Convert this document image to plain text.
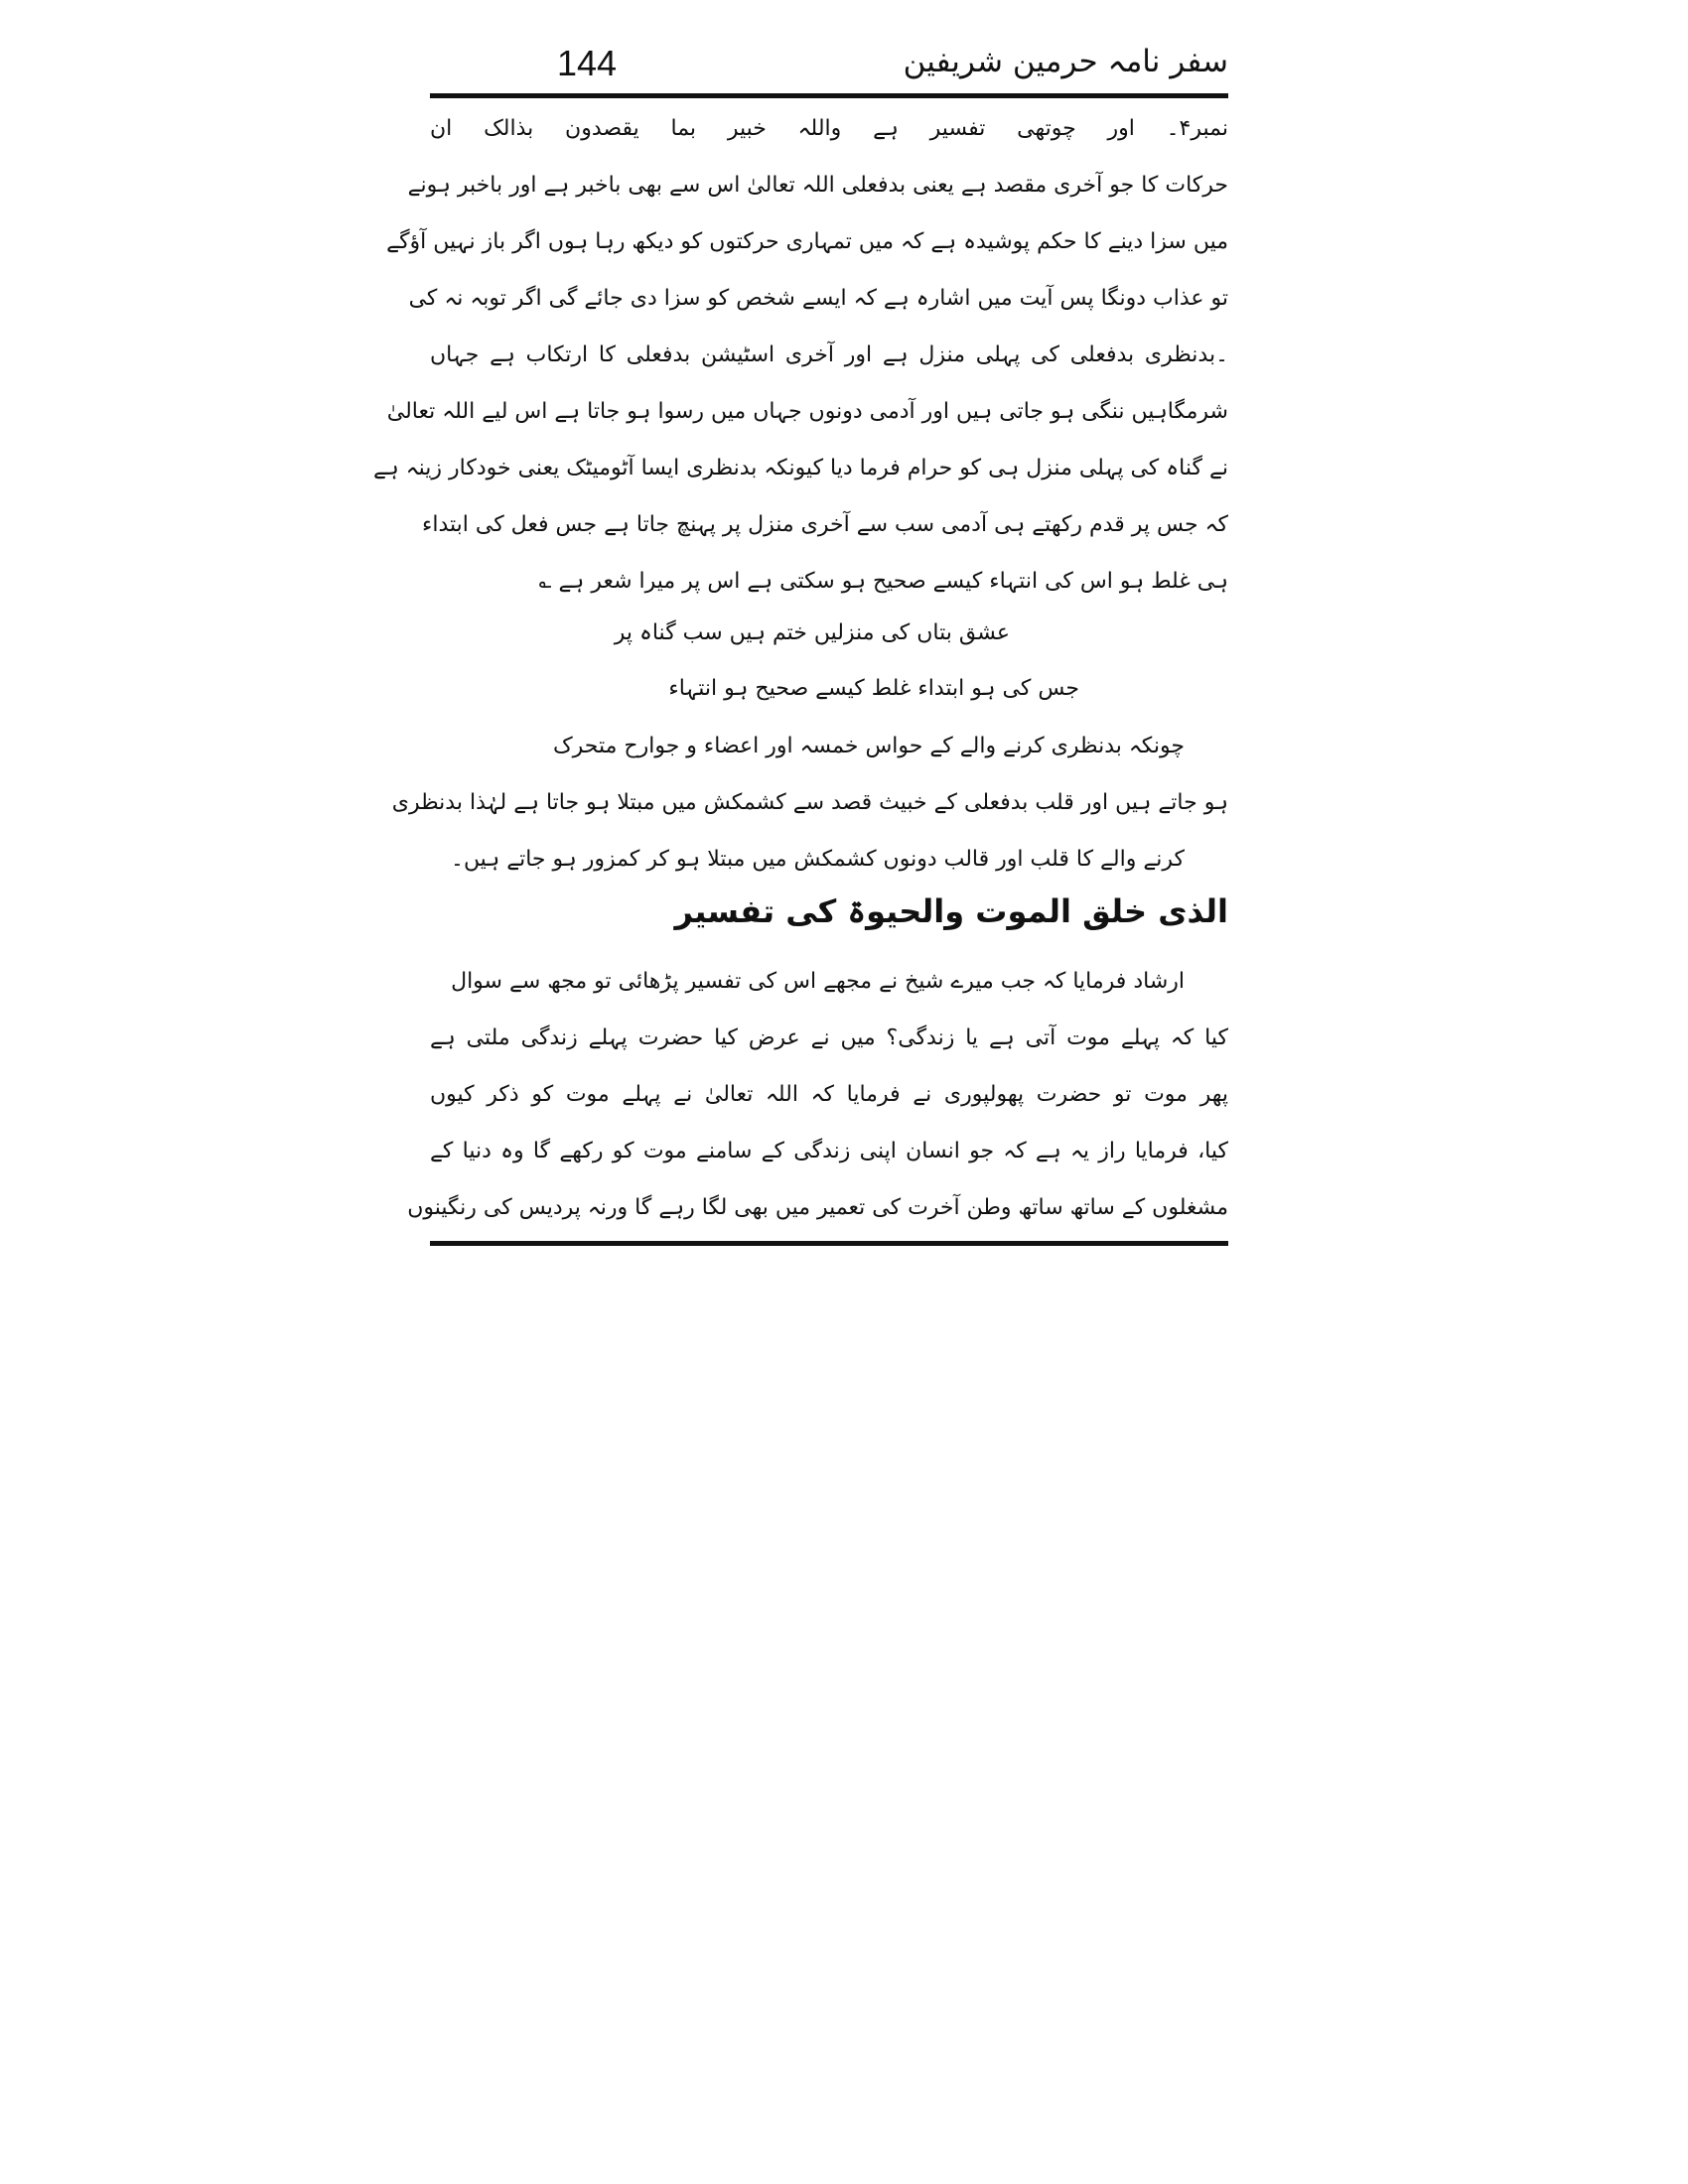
144	سفر نامہ حرمین شریفین
نمبر۴۔ اور چوتھی تفسیر ہے واللہ خبیر بما یقصدون بذالک ان
حرکات کا جو آخری مقصد ہے یعنی بدفعلی اللہ تعالیٰ اس سے بھی باخبر ہے اور باخبر ہونے
میں سزا دینے کا حکم پوشیدہ ہے کہ میں تمہاری حرکتوں کو دیکھ رہا ہوں اگر باز نہیں آؤگے
تو عذاب دونگا پس آیت میں اشارہ ہے کہ ایسے شخص کو سزا دی جائے گی اگر توبہ نہ کی
۔بدنظری بدفعلی کی پہلی منزل ہے اور آخری اسٹیشن بدفعلی کا ارتکاب ہے جہاں
شرمگاہیں ننگی ہو جاتی ہیں اور آدمی دونوں جہاں میں رسوا ہو جاتا ہے اس لیے اللہ تعالیٰ
نے گناہ کی پہلی منزل ہی کو حرام فرما دیا کیونکہ بدنظری ایسا آٹومیٹک یعنی خودکار زینہ ہے
کہ جس پر قدم رکھتے ہی آدمی سب سے آخری منزل پر پہنچ جاتا ہے جس فعل کی ابتداء
ہی غلط ہو اس کی انتہاء کیسے صحیح ہو سکتی ہے اس پر میرا شعر ہے ؎
عشق بتاں کی منزلیں ختم ہیں سب گناہ پر
جس کی ہو ابتداء غلط کیسے صحیح ہو انتہاء
چونکہ بدنظری کرنے والے کے حواس خمسہ اور اعضاء و جوارح متحرک
ہو جاتے ہیں اور قلب بدفعلی کے خبیث قصد سے کشمکش میں مبتلا ہو جاتا ہے لہٰذا بدنظری
کرنے والے کا قلب اور قالب دونوں کشمکش میں مبتلا ہو کر کمزور ہو جاتے ہیں۔
الذی خلق الموت والحیوۃ کی تفسیر
ارشاد فرمایا کہ جب میرے شیخ نے مجھے اس کی تفسیر پڑھائی تو مجھ سے سوال
کیا کہ پہلے موت آتی ہے یا زندگی؟ میں نے عرض کیا حضرت پہلے زندگی ملتی ہے
پھر موت تو حضرت پھولپوری نے فرمایا کہ اللہ تعالیٰ نے پہلے موت کو ذکر کیوں
کیا، فرمایا راز یہ ہے کہ جو انسان اپنی زندگی کے سامنے موت کو رکھے گا وہ دنیا کے
مشغلوں کے ساتھ ساتھ وطن آخرت کی تعمیر میں بھی لگا رہے گا ورنہ پردیس کی رنگینوں
